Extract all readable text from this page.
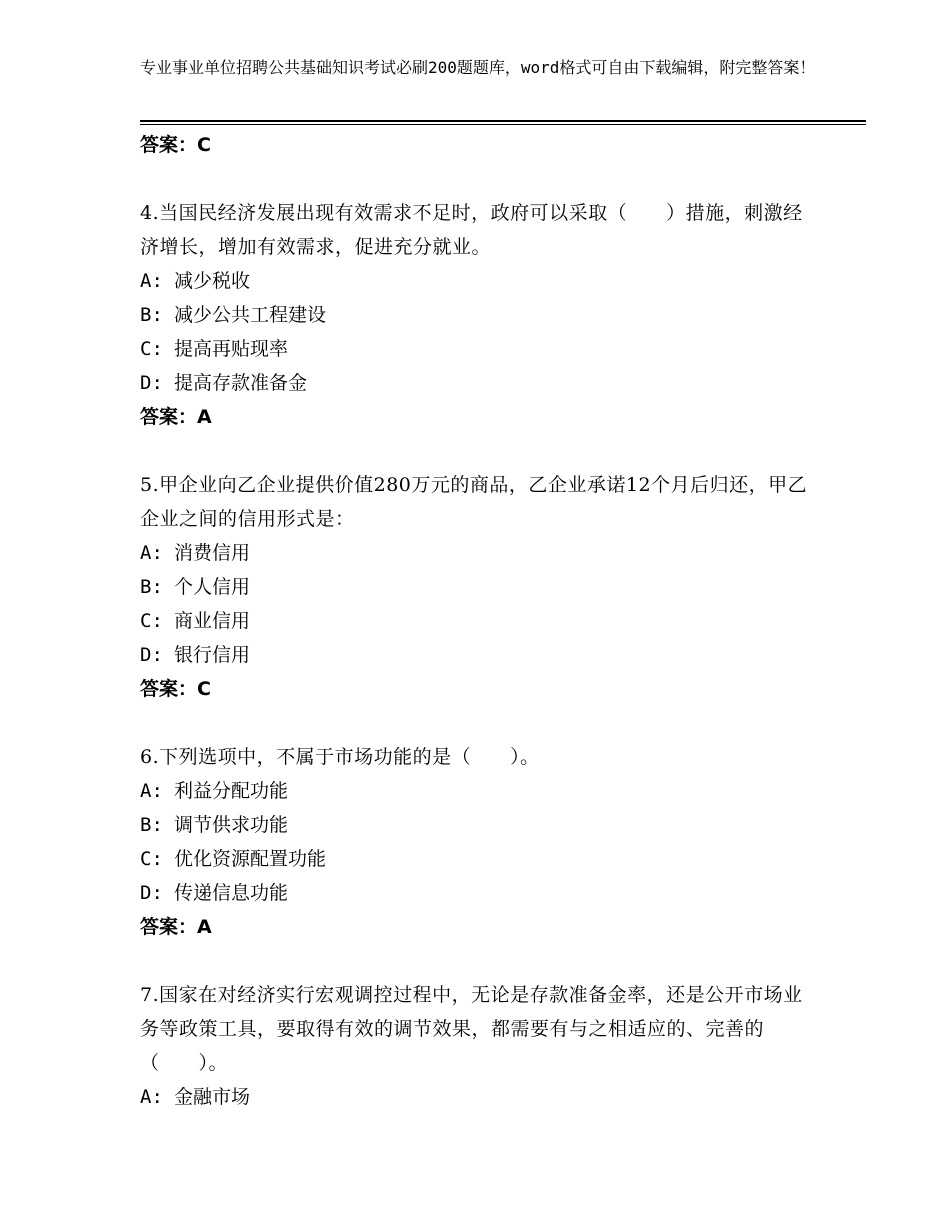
专业事业单位招聘公共基础知识考试必刷200题题库，word格式可自由下载编辑，附完整答案！
答案：C
4.当国民经济发展出现有效需求不足时，政府可以采取（　　）措施，刺激经济增长，增加有效需求，促进充分就业。
A: 减少税收
B: 减少公共工程建设
C: 提高再贴现率
D: 提高存款准备金
答案：A
5.甲企业向乙企业提供价值280万元的商品，乙企业承诺12个月后归还，甲乙企业之间的信用形式是：
A: 消费信用
B: 个人信用
C: 商业信用
D: 银行信用
答案：C
6.下列选项中，不属于市场功能的是（　　）。
A: 利益分配功能
B: 调节供求功能
C: 优化资源配置功能
D: 传递信息功能
答案：A
7.国家在对经济实行宏观调控过程中，无论是存款准备金率，还是公开市场业务等政策工具，要取得有效的调节效果，都需要有与之相适应的、完善的（　　）。
A: 金融市场
